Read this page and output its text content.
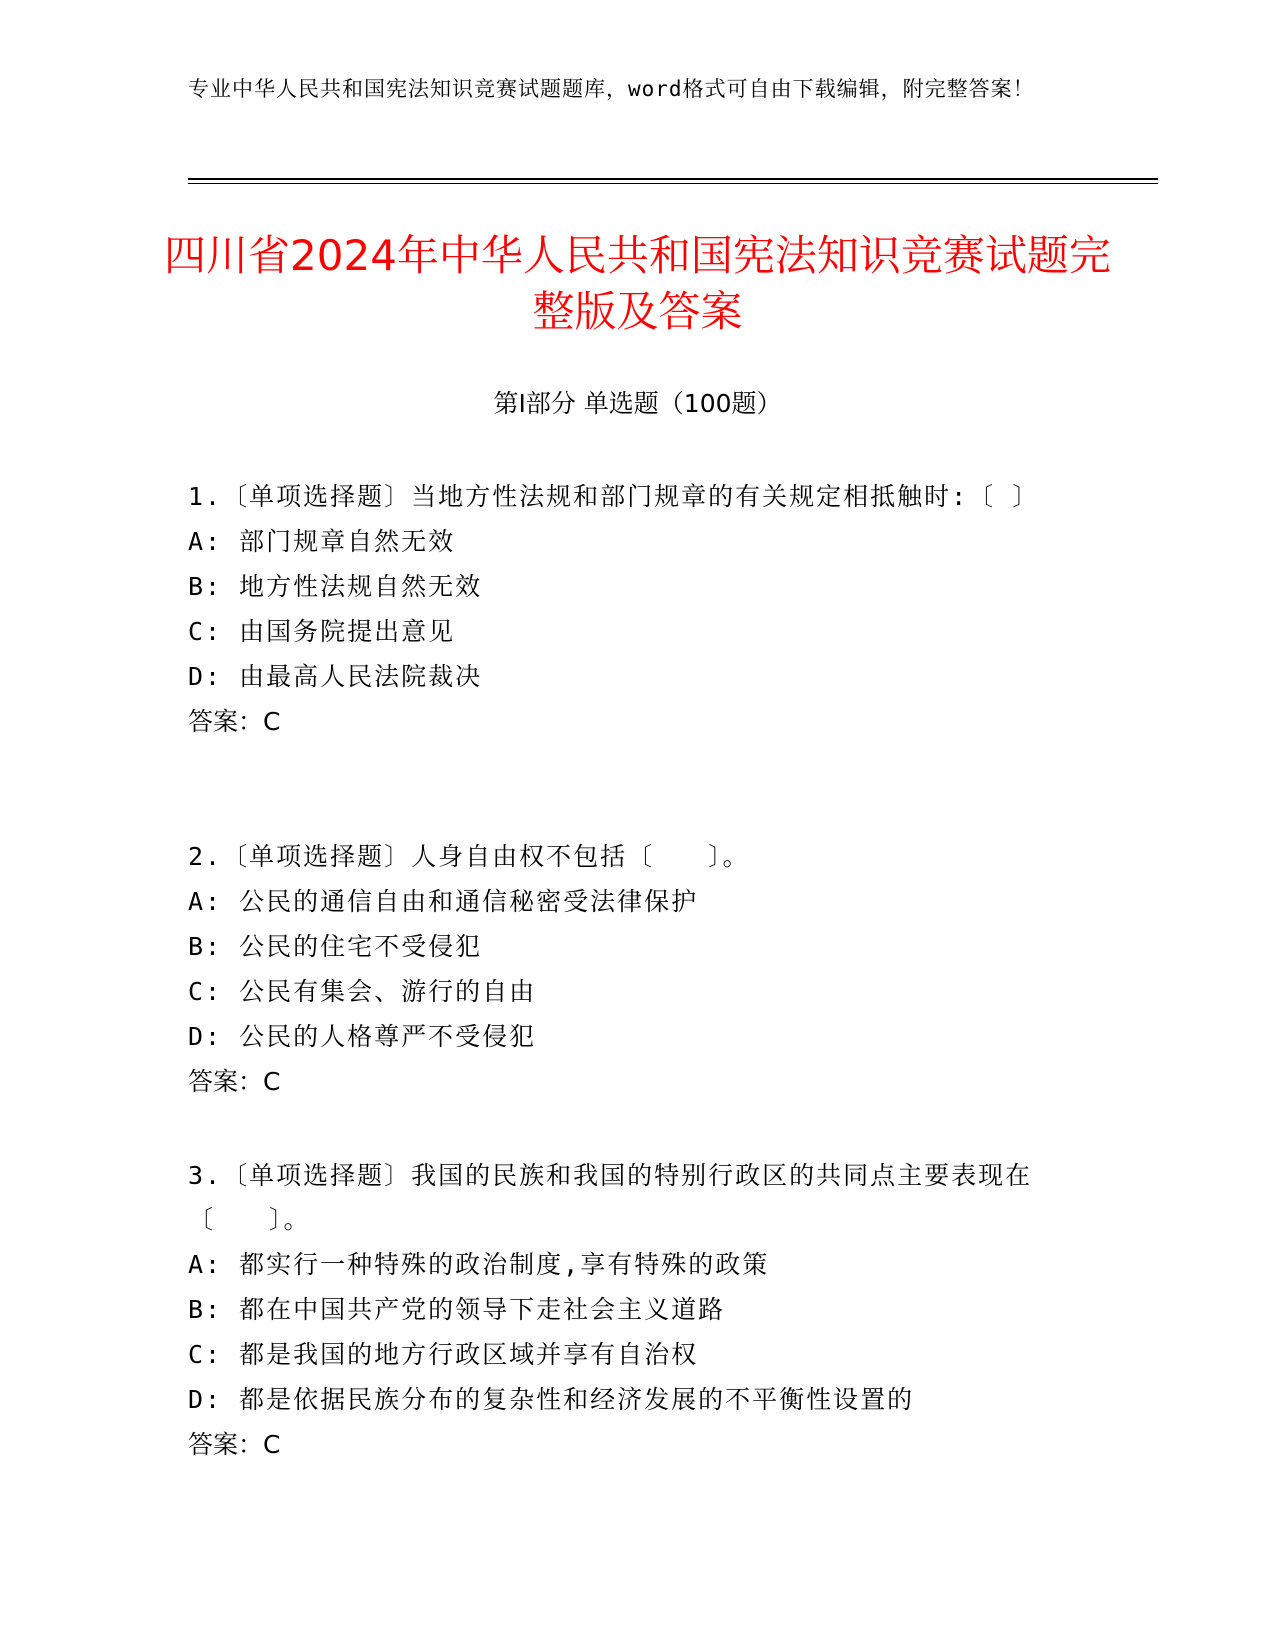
专业中华人民共和国宪法知识竞赛试题题库，word格式可自由下载编辑，附完整答案！
四川省2024年中华人民共和国宪法知识竞赛试题完整版及答案
第I部分 单选题（100题）
1.〔单项选择题〕当地方性法规和部门规章的有关规定相抵触时:〔 〕
A: 部门规章自然无效
B: 地方性法规自然无效
C: 由国务院提出意见
D: 由最高人民法院裁决
答案：C
2.〔单项选择题〕人身自由权不包括〔　　〕。
A: 公民的通信自由和通信秘密受法律保护
B: 公民的住宅不受侵犯
C: 公民有集会、游行的自由
D: 公民的人格尊严不受侵犯
答案：C
3.〔单项选择题〕我国的民族和我国的特别行政区的共同点主要表现在〔　　〕。
A: 都实行一种特殊的政治制度,享有特殊的政策
B: 都在中国共产党的领导下走社会主义道路
C: 都是我国的地方行政区域并享有自治权
D: 都是依据民族分布的复杂性和经济发展的不平衡性设置的
答案：C
